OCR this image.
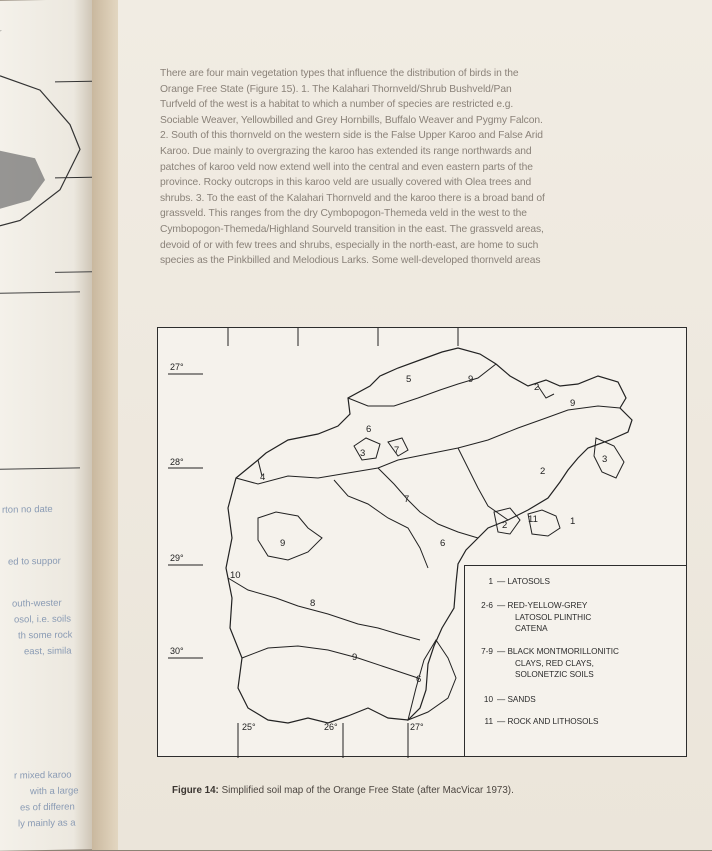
rton no date
ed to suppor
outh-wester
osol, i.e. soils
th some rock
east, simila
r mixed karoo
with a large
es of differen
ly mainly as a
There are four main vegetation types that influence the distribution of birds in the
Orange Free State (Figure 15). 1. The Kalahari Thornveld/Shrub Bushveld/Pan
Turfveld of the west is a habitat to which a number of species are restricted e.g.
Sociable Weaver, Yellowbilled and Grey Hornbills, Buffalo Weaver and Pygmy Falcon.
2. South of this thornveld on the western side is the False Upper Karoo and False Arid
Karoo. Due mainly to overgrazing the karoo has extended its range northwards and
patches of karoo veld now extend well into the central and even eastern parts of the
province. Rocky outcrops in this karoo veld are usually covered with Olea trees and
shrubs. 3. To the east of the Kalahari Thornveld and the karoo there is a broad band of
grassveld. This ranges from the dry Cymbopogon-Themeda veld in the west to the
Cymbopogon-Themeda/Highland Sourveld transition in the east. The grassveld areas,
devoid of or with few trees and shrubs, especially in the north-east, are home to such
species as the Pinkbilled and Melodious Larks. Some well-developed thornveld areas
27°
28°
29°
30°
25°	26°	27°
5	9
2
9
6
3	7
3
2
7
4
9
10
6
8
2
11	1
9
6
1 — LATOSOLS
2-6 — RED-YELLOW-GREY
LATOSOL PLINTHIC
CATENA
7-9 — BLACK MONTMORILLONITIC
CLAYS, RED CLAYS,
SOLONETZIC SOILS
10 — SANDS
11 — ROCK AND LITHOSOLS
Figure 14: Simplified soil map of the Orange Free State (after MacVicar 1973).
